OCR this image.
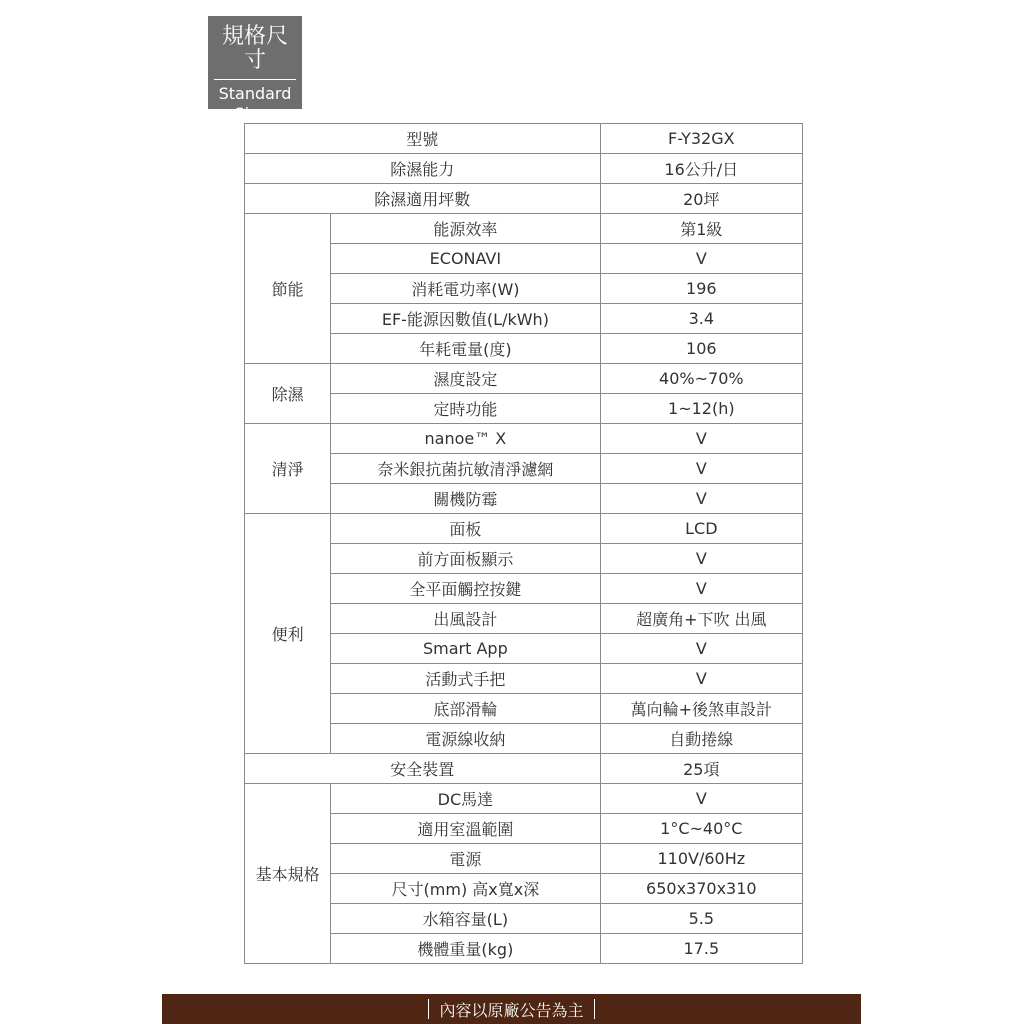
規格尺寸
Standard
Sizes
型號		F-Y32GX
除濕能力		16公升/日
除濕適用坪數		20坪
節能	能源效率	第1級
	ECONAVI	V
	消耗電功率(W)	196
	EF-能源因數值(L/kWh)	3.4
	年耗電量(度)	106
除濕	濕度設定	40%~70%
	定時功能	1~12(h)
清淨	nanoe™ X	V
	奈米銀抗菌抗敏清淨濾網	V
	關機防霉	V
便利	面板	LCD
	前方面板顯示	V
	全平面觸控按鍵	V
	出風設計	超廣角+下吹 出風
	Smart App	V
	活動式手把	V
	底部滑輪	萬向輪+後煞車設計
	電源線收納	自動捲線
安全裝置		25項
基本規格	DC馬達	V
	適用室溫範圍	1°C~40°C
	電源	110V/60Hz
	尺寸(mm) 高x寬x深	650x370x310
	水箱容量(L)	5.5
	機體重量(kg)	17.5
內容以原廠公告為主
